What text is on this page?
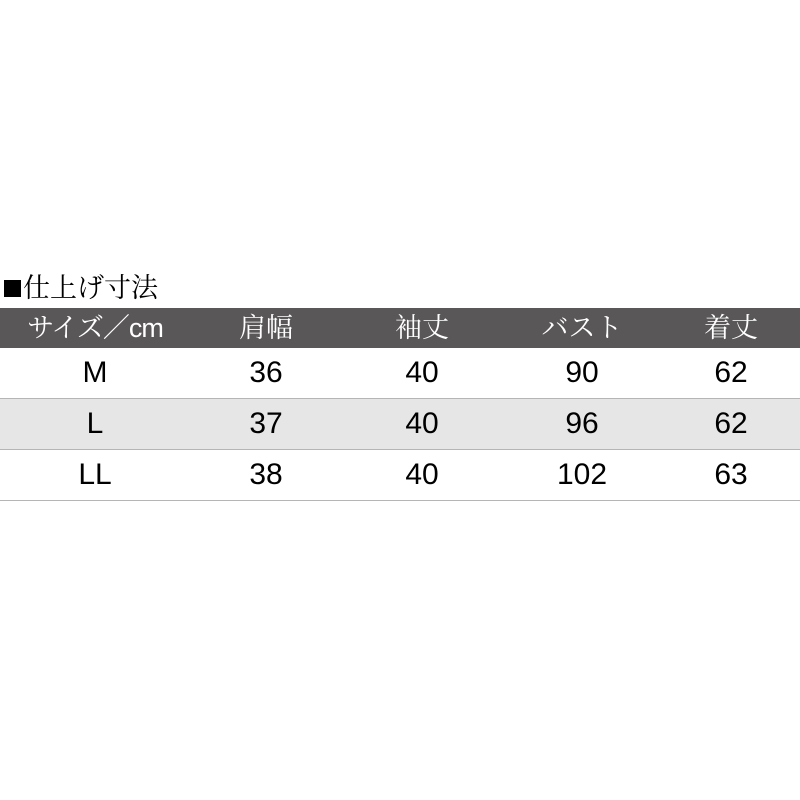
仕上げ寸法
サイズ／cm	肩幅	袖丈	バスト	着丈
M	36	40	90	62
L	37	40	96	62
LL	38	40	102	63
